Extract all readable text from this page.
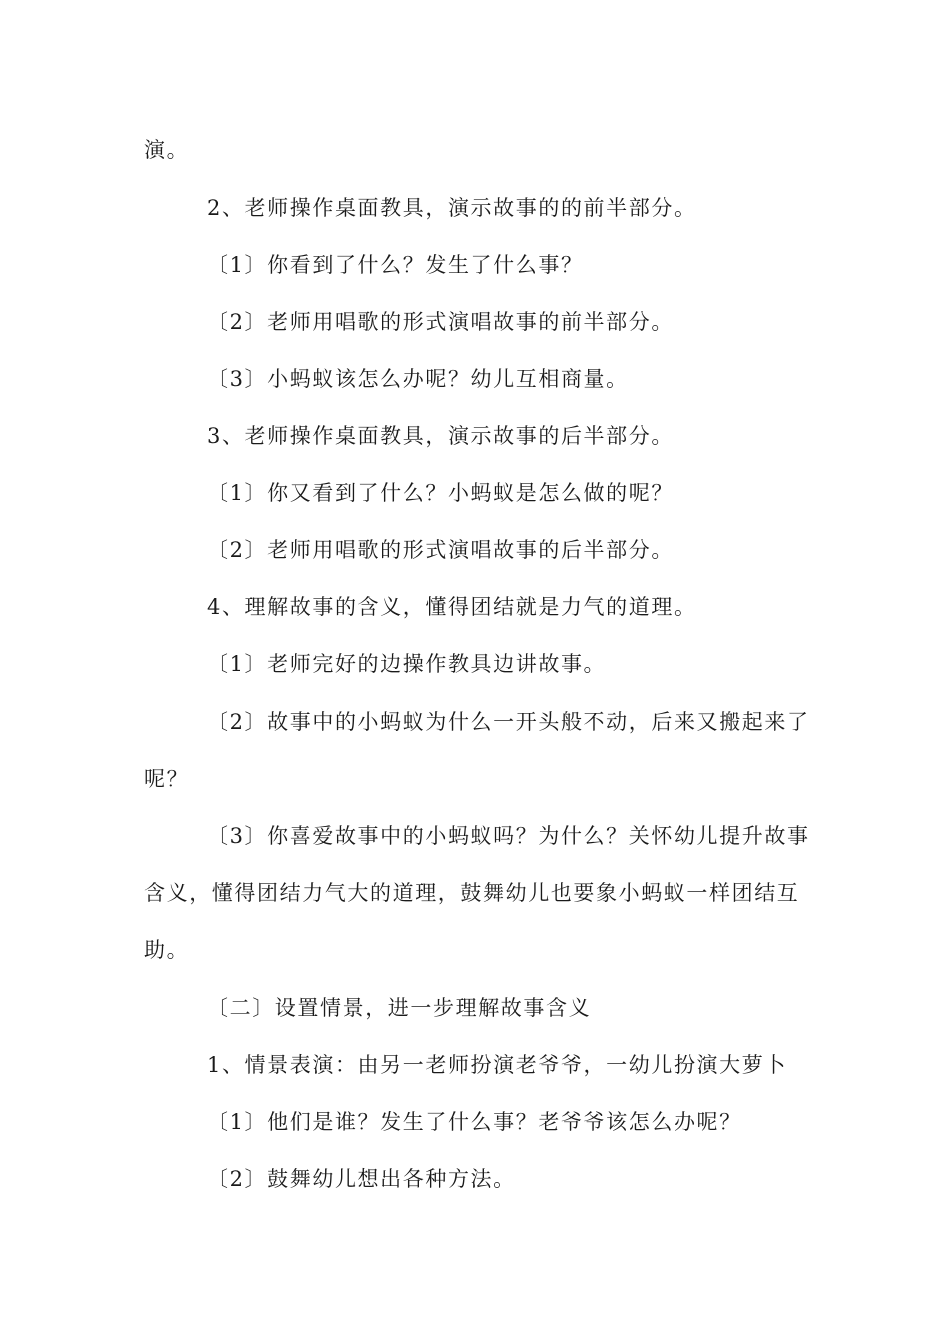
演。

2、老师操作桌面教具，演示故事的的前半部分。

〔1〕你看到了什么？发生了什么事？

〔2〕老师用唱歌的形式演唱故事的前半部分。

〔3〕小蚂蚁该怎么办呢？幼儿互相商量。

3、老师操作桌面教具，演示故事的后半部分。

〔1〕你又看到了什么？小蚂蚁是怎么做的呢？

〔2〕老师用唱歌的形式演唱故事的后半部分。

4、理解故事的含义，懂得团结就是力气的道理。

〔1〕老师完好的边操作教具边讲故事。

〔2〕故事中的小蚂蚁为什么一开头般不动，后来又搬起来了

呢？

〔3〕你喜爱故事中的小蚂蚁吗？为什么？关怀幼儿提升故事

含义，懂得团结力气大的道理，鼓舞幼儿也要象小蚂蚁一样团结互

助。

〔二〕设置情景，进一步理解故事含义

1、情景表演：由另一老师扮演老爷爷，一幼儿扮演大萝卜

〔1〕他们是谁？发生了什么事？老爷爷该怎么办呢？

〔2〕鼓舞幼儿想出各种方法。
